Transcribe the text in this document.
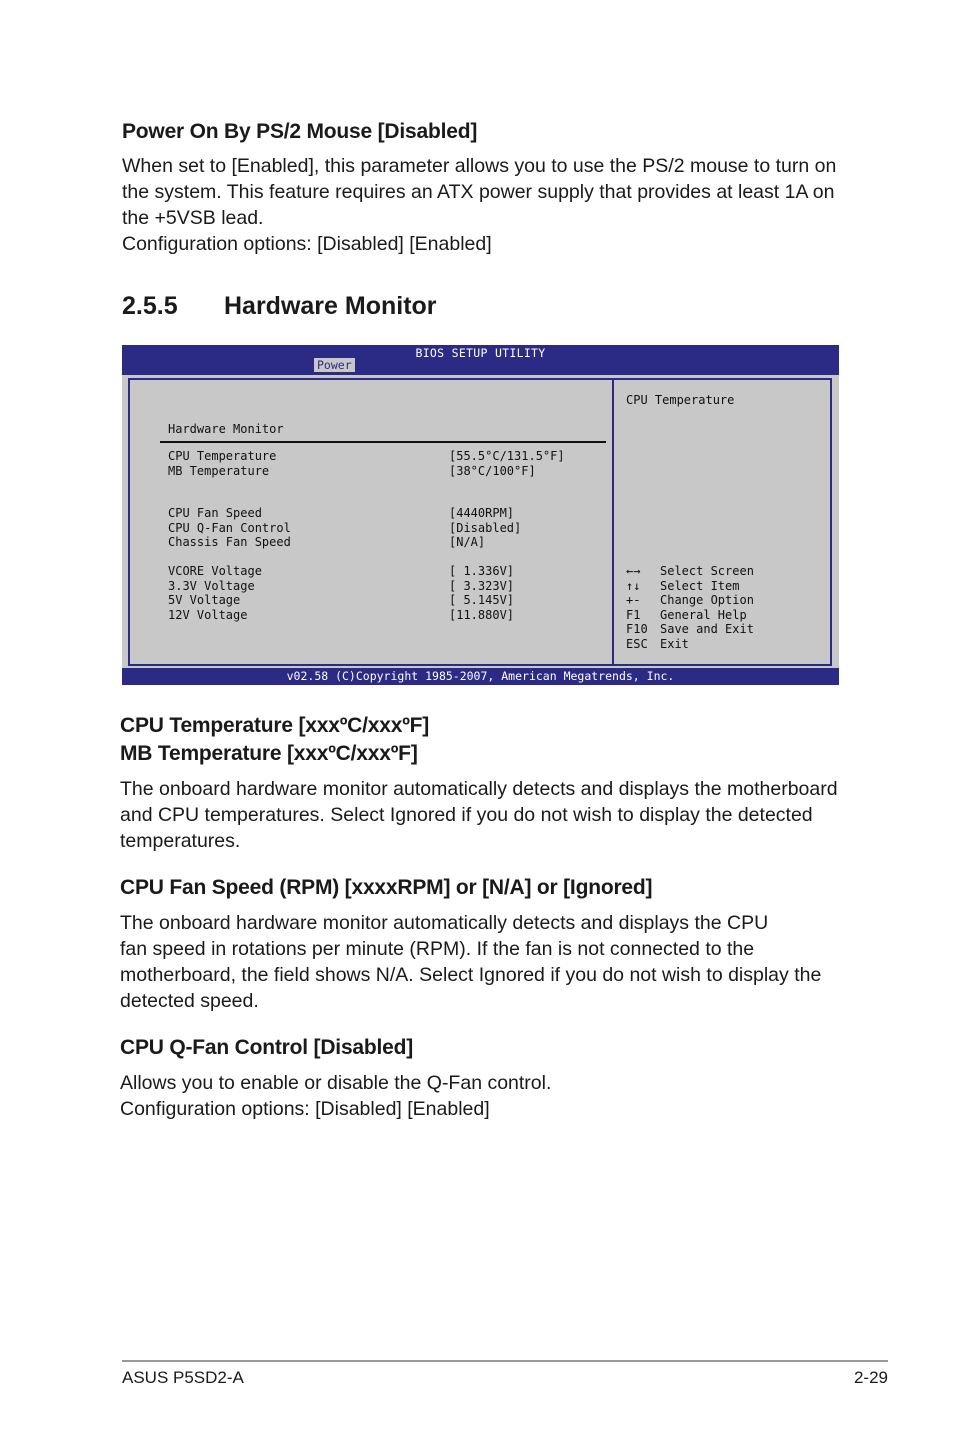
Power On By PS/2 Mouse [Disabled]
When set to [Enabled], this parameter allows you to use the PS/2 mouse to turn on
the system. This feature requires an ATX power supply that provides at least 1A on
the +5VSB lead.
Configuration options: [Disabled] [Enabled]
2.5.5 Hardware Monitor
BIOS SETUP UTILITY
Power
Hardware Monitor
CPU Temperature	[55.5°C/131.5°F]
MB Temperature	[38°C/100°F]
CPU Fan Speed	[4440RPM]
CPU Q-Fan Control	[Disabled]
Chassis Fan Speed	[N/A]
VCORE Voltage	[ 1.336V]
3.3V Voltage	[ 3.323V]
5V Voltage	[ 5.145V]
12V Voltage	[11.880V]
CPU Temperature
←→ Select Screen
↑↓ Select Item
+- Change Option
F1 General Help
F10 Save and Exit
ESC Exit
v02.58 (C)Copyright 1985-2007, American Megatrends, Inc.
CPU Temperature [xxxºC/xxxºF]
MB Temperature [xxxºC/xxxºF]
The onboard hardware monitor automatically detects and displays the motherboard
and CPU temperatures. Select Ignored if you do not wish to display the detected
temperatures.
CPU Fan Speed (RPM) [xxxxRPM] or [N/A] or [Ignored]
The onboard hardware monitor automatically detects and displays the CPU
fan speed in rotations per minute (RPM). If the fan is not connected to the
motherboard, the field shows N/A. Select Ignored if you do not wish to display the
detected speed.
CPU Q-Fan Control [Disabled]
Allows you to enable or disable the Q-Fan control.
Configuration options: [Disabled] [Enabled]
ASUS P5SD2-A	2-29
